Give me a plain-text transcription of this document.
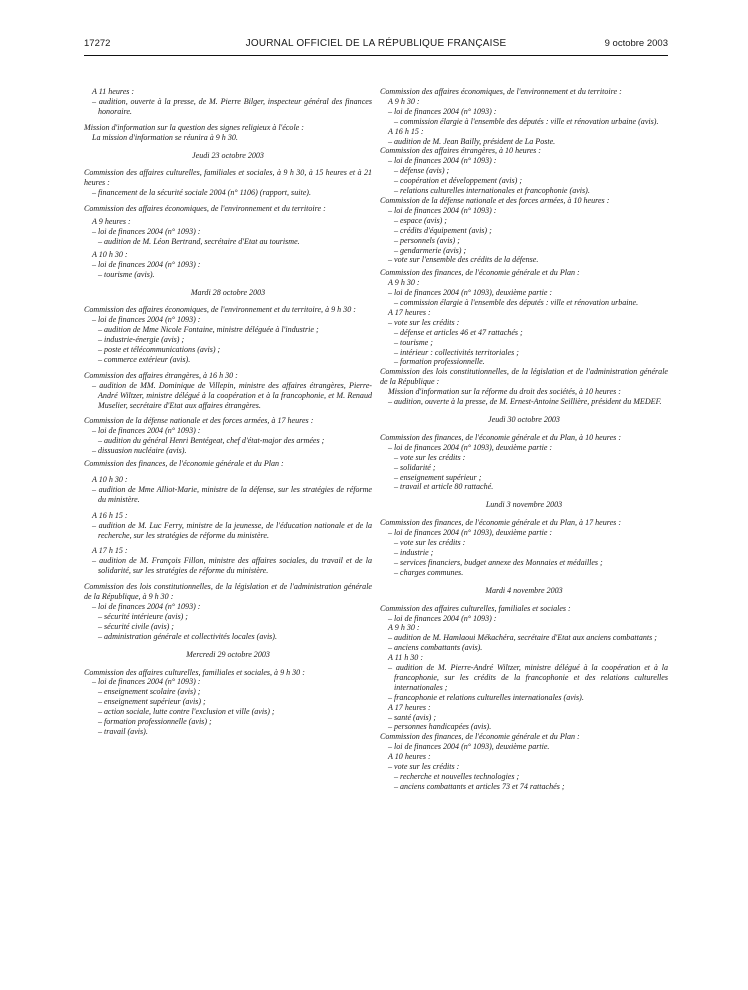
17272	JOURNAL OFFICIEL DE LA RÉPUBLIQUE FRANÇAISE	9 octobre 2003

A 11 heures :

– audition, ouverte à la presse, de M. Pierre Bilger, inspecteur général des finances honoraire.

Mission d'information sur la question des signes religieux à l'école :

La mission d'information se réunira à 9 h 30.

Jeudi 23 octobre 2003

Commission des affaires culturelles, familiales et sociales, à 9 h 30, à 15 heures et à 21 heures :

– financement de la sécurité sociale 2004 (n° 1106) (rapport, suite).

Commission des affaires économiques, de l'environnement et du territoire :

A 9 heures :

– loi de finances 2004 (n° 1093) :

– audition de M. Léon Bertrand, secrétaire d'Etat au tourisme.

A 10 h 30 :

– loi de finances 2004 (n° 1093) :

– tourisme (avis).

Mardi 28 octobre 2003

Commission des affaires économiques, de l'environnement et du territoire, à 9 h 30 :

– loi de finances 2004 (n° 1093) :

– audition de Mme Nicole Fontaine, ministre déléguée à l'industrie ;

– industrie-énergie (avis) ;

– poste et télécommunications (avis) ;

– commerce extérieur (avis).

Commission des affaires étrangères, à 16 h 30 :

– audition de MM. Dominique de Villepin, ministre des affaires étrangères, Pierre-André Wiltzer, ministre délégué à la coopération et à la francophonie, et M. Renaud Muselier, secrétaire d'Etat aux affaires étrangères.

Commission de la défense nationale et des forces armées, à 17 heures :

– loi de finances 2004 (n° 1093) :

– audition du général Henri Bentégeat, chef d'état-major des armées ;

– dissuasion nucléaire (avis).

Commission des finances, de l'économie générale et du Plan :

A 10 h 30 :

– audition de Mme Alliot-Marie, ministre de la défense, sur les stratégies de réforme du ministère.

A 16 h 15 :

– audition de M. Luc Ferry, ministre de la jeunesse, de l'éducation nationale et de la recherche, sur les stratégies de réforme du ministère.

A 17 h 15 :

– audition de M. François Fillon, ministre des affaires sociales, du travail et de la solidarité, sur les stratégies de réforme du ministère.

Commission des lois constitutionnelles, de la législation et de l'administration générale de la République, à 9 h 30 :

– loi de finances 2004 (n° 1093) :

– sécurité intérieure (avis) ;

– sécurité civile (avis) ;

– administration générale et collectivités locales (avis).

Mercredi 29 octobre 2003

Commission des affaires culturelles, familiales et sociales, à 9 h 30 :

– loi de finances 2004 (n° 1093) :

– enseignement scolaire (avis) ;

– enseignement supérieur (avis) ;

– action sociale, lutte contre l'exclusion et ville (avis) ;

– formation professionnelle (avis) ;

– travail (avis).

Commission des affaires économiques, de l'environnement et du territoire :

A 9 h 30 :

– loi de finances 2004 (n° 1093) :

– commission élargie à l'ensemble des députés : ville et rénovation urbaine (avis).

A 16 h 15 :

– audition de M. Jean Bailly, président de La Poste.

Commission des affaires étrangères, à 10 heures :

– loi de finances 2004 (n° 1093) :

– défense (avis) ;

– coopération et développement (avis) ;

– relations culturelles internationales et francophonie (avis).

Commission de la défense nationale et des forces armées, à 10 heures :

– loi de finances 2004 (n° 1093) :

– espace (avis) ;

– crédits d'équipement (avis) ;

– personnels (avis) ;

– gendarmerie (avis) ;

– vote sur l'ensemble des crédits de la défense.

Commission des finances, de l'économie générale et du Plan :

A 9 h 30 :

– loi de finances 2004 (n° 1093), deuxième partie :

– commission élargie à l'ensemble des députés : ville et rénovation urbaine.

A 17 heures :

– vote sur les crédits :

– défense et articles 46 et 47 rattachés ;

– tourisme ;

– intérieur : collectivités territoriales ;

– formation professionnelle.

Commission des lois constitutionnelles, de la législation et de l'administration générale de la République :

Mission d'information sur la réforme du droit des sociétés, à 10 heures :

– audition, ouverte à la presse, de M. Ernest-Antoine Seillière, président du MEDEF.

Jeudi 30 octobre 2003

Commission des finances, de l'économie générale et du Plan, à 10 heures :

– loi de finances 2004 (n° 1093), deuxième partie :

– vote sur les crédits :

– solidarité ;

– enseignement supérieur ;

– travail et article 80 rattaché.

Lundi 3 novembre 2003

Commission des finances, de l'économie générale et du Plan, à 17 heures :

– loi de finances 2004 (n° 1093), deuxième partie :

– vote sur les crédits :

– industrie ;

– services financiers, budget annexe des Monnaies et médailles ;

– charges communes.

Mardi 4 novembre 2003

Commission des affaires culturelles, familiales et sociales :

– loi de finances 2004 (n° 1093) :

A 9 h 30 :

– audition de M. Hamlaoui Mékachéra, secrétaire d'Etat aux anciens combattants ;

– anciens combattants (avis).

A 11 h 30 :

– audition de M. Pierre-André Wiltzer, ministre délégué à la coopération et à la francophonie, sur les crédits de la francophonie et des relations culturelles internationales ;

– francophonie et relations culturelles internationales (avis).

A 17 heures :

– santé (avis) ;

– personnes handicapées (avis).

Commission des finances, de l'économie générale et du Plan :

– loi de finances 2004 (n° 1093), deuxième partie.

A 10 heures :

– vote sur les crédits :

– recherche et nouvelles technologies ;

– anciens combattants et articles 73 et 74 rattachés ;
